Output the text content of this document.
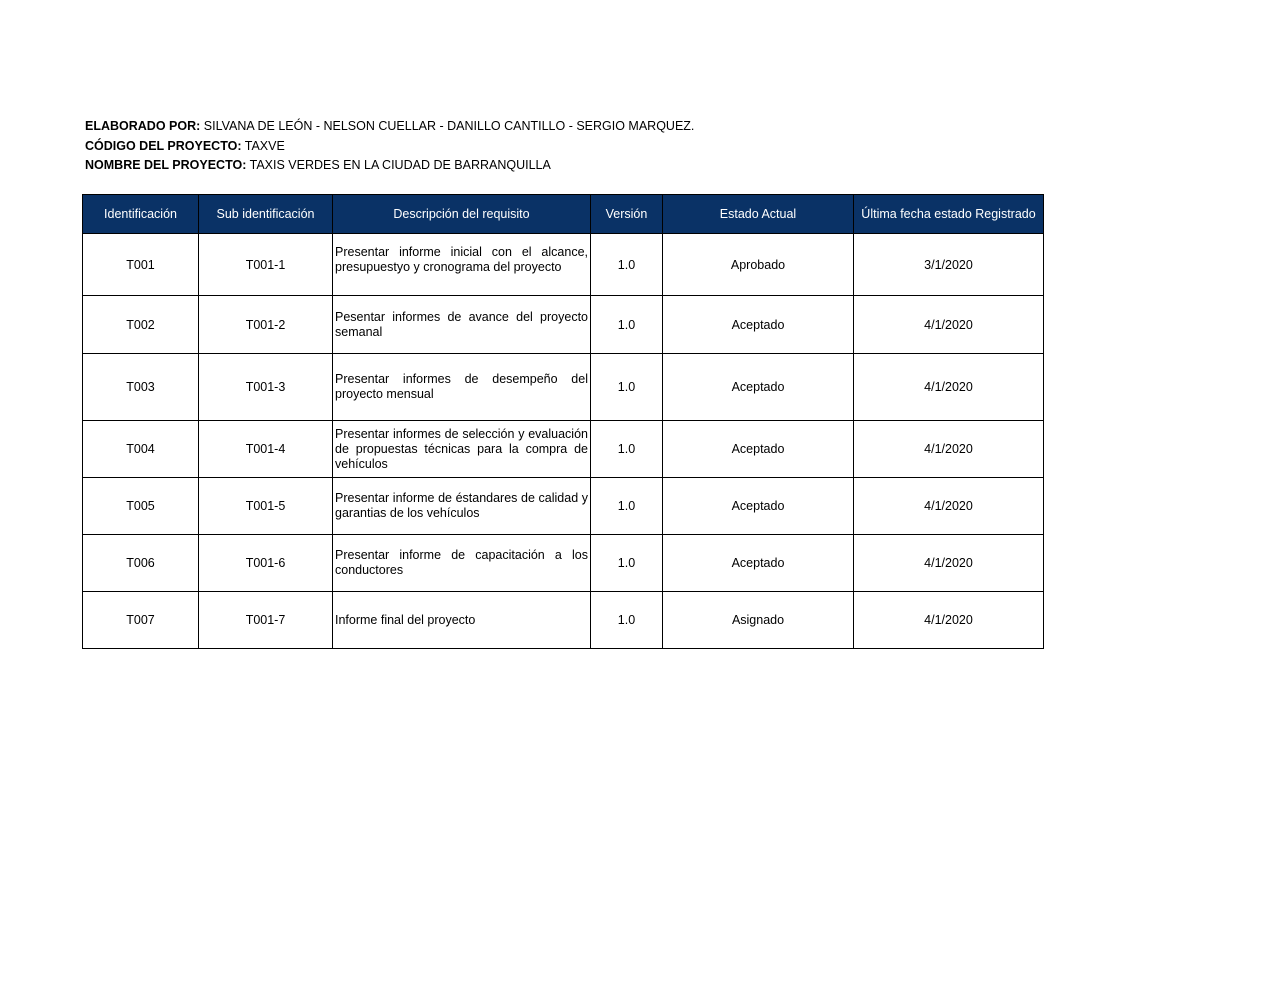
ELABORADO POR: SILVANA DE LEÓN - NELSON CUELLAR - DANILLO CANTILLO - SERGIO MARQUEZ.
CÓDIGO DEL PROYECTO: TAXVE
NOMBRE DEL PROYECTO: TAXIS VERDES EN LA CIUDAD DE BARRANQUILLA
Identificación	Sub identificación	Descripción del requisito	Versión	Estado Actual	Última fecha estado Registrado
T001	T001-1	Presentar informe inicial con el alcance, presupuestyo y cronograma del proyecto	1.0	Aprobado	3/1/2020
T002	T001-2	Pesentar informes de avance del proyecto semanal	1.0	Aceptado	4/1/2020
T003	T001-3	Presentar informes de desempeño del proyecto mensual	1.0	Aceptado	4/1/2020
T004	T001-4	Presentar informes de selección y evaluación de propuestas técnicas para la compra de vehículos	1.0	Aceptado	4/1/2020
T005	T001-5	Presentar informe de éstandares de calidad y garantias de los vehículos	1.0	Aceptado	4/1/2020
T006	T001-6	Presentar informe de capacitación a los conductores	1.0	Aceptado	4/1/2020
T007	T001-7	Informe final del proyecto	1.0	Asignado	4/1/2020
